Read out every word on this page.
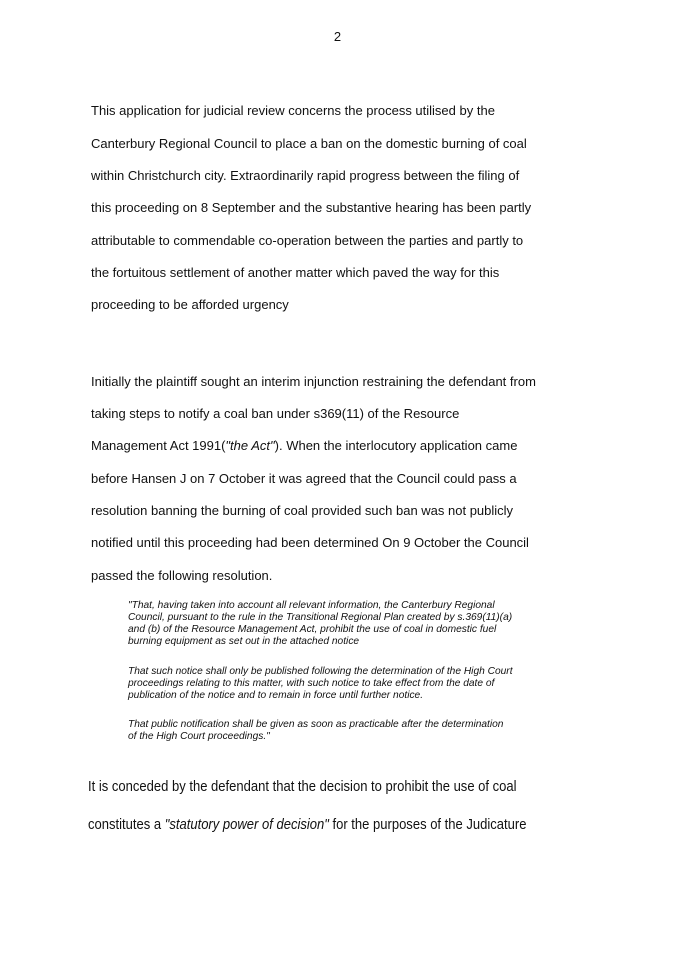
2
This application for judicial review concerns the process utilised by the
Canterbury Regional Council to place a ban on the domestic burning of coal
within Christchurch city. Extraordinarily rapid progress between the filing of
this proceeding on 8 September and the substantive hearing has been partly
attributable to commendable co-operation between the parties and partly to
the fortuitous settlement of another matter which paved the way for this
proceeding to be afforded urgency
Initially the plaintiff sought an interim injunction restraining the defendant from
taking steps to notify a coal ban under s369(11) of the Resource
Management Act 1991("the Act"). When the interlocutory application came
before Hansen J on 7 October it was agreed that the Council could pass a
resolution banning the burning of coal provided such ban was not publicly
notified until this proceeding had been determined On 9 October the Council
passed the following resolution.
"That, having taken into account all relevant information, the Canterbury Regional
Council, pursuant to the rule in the Transitional Regional Plan created by s.369(11)(a)
and (b) of the Resource Management Act, prohibit the use of coal in domestic fuel
burning equipment as set out in the attached notice
That such notice shall only be published following the determination of the High Court
proceedings relating to this matter, with such notice to take effect from the date of
publication of the notice and to remain in force until further notice.
That public notification shall be given as soon as practicable after the determination
of the High Court proceedings."
It is conceded by the defendant that the decision to prohibit the use of coal
constitutes a "statutory power of decision" for the purposes of the Judicature
